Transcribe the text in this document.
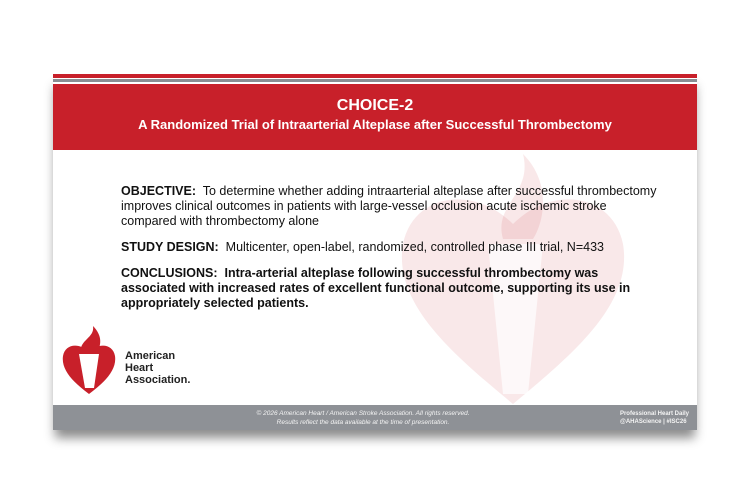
CHOICE-2
A Randomized Trial of Intraarterial Alteplase after Successful Thrombectomy

OBJECTIVE: To determine whether adding intraarterial alteplase after successful thrombectomy improves clinical outcomes in patients with large-vessel occlusion acute ischemic stroke compared with thrombectomy alone

STUDY DESIGN: Multicenter, open-label, randomized, controlled phase III trial, N=433

CONCLUSIONS: Intra-arterial alteplase following successful thrombectomy was associated with increased rates of excellent functional outcome, supporting its use in appropriately selected patients.

American
Heart
Association.
© 2026 American Heart / American Stroke Association. All rights reserved.
Results reflect the data available at the time of presentation.
Professional Heart Daily
@AHAScience | #ISC26
